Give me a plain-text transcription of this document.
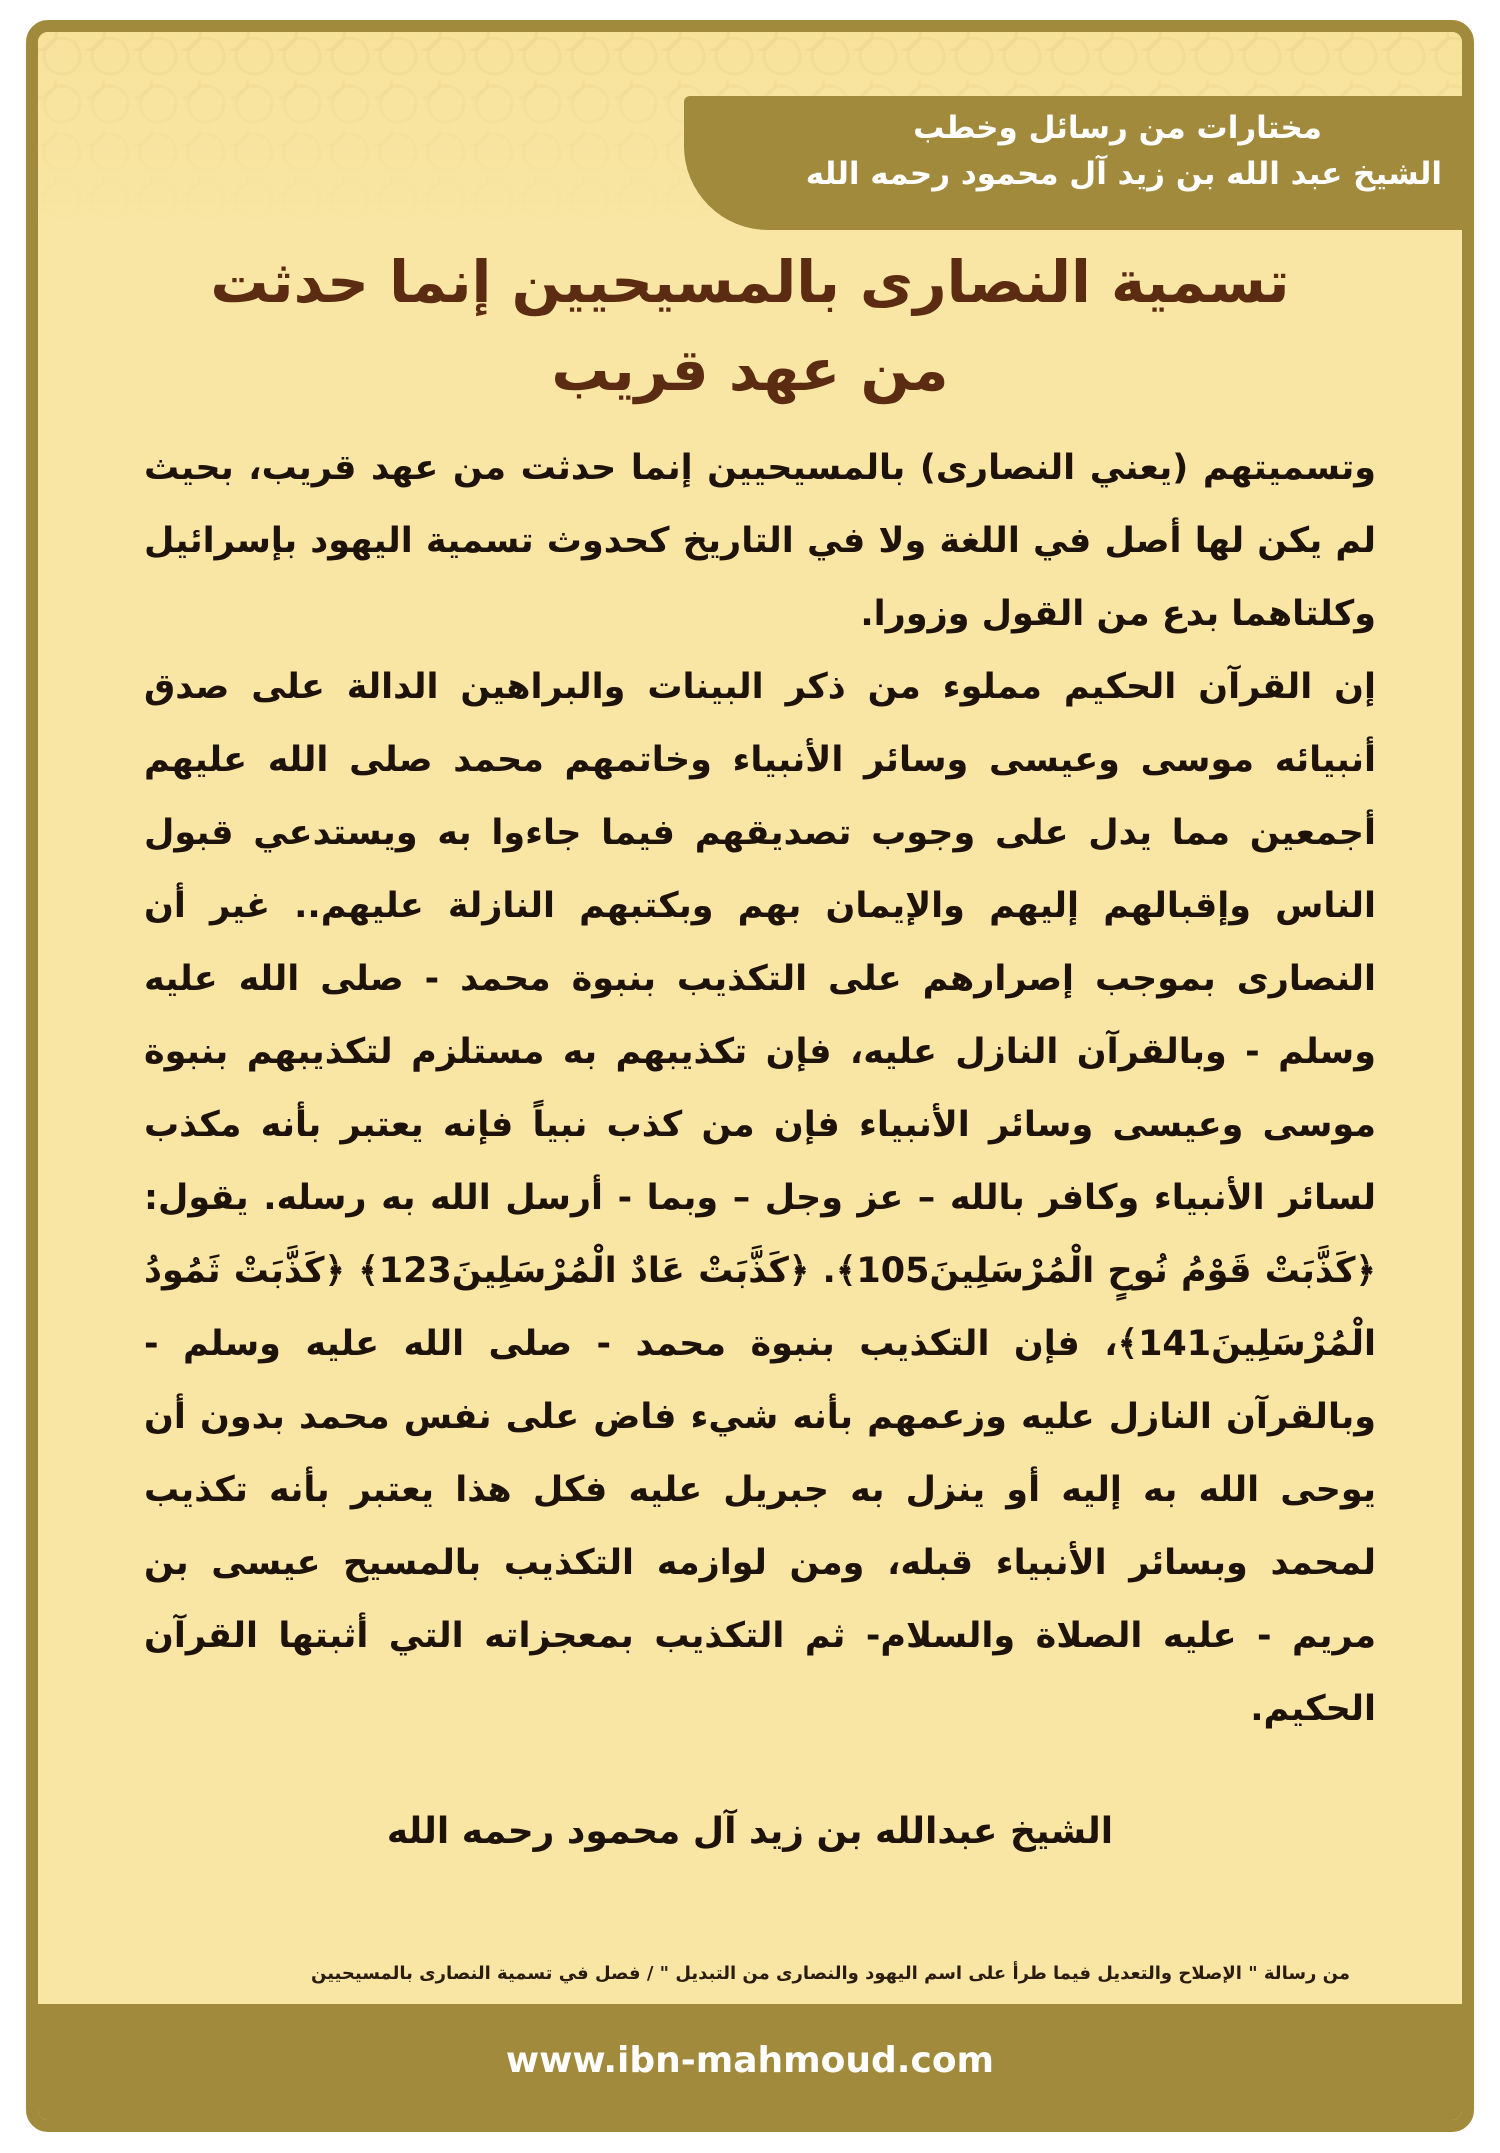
مختارات من رسائل وخطب
الشيخ عبد الله بن زيد آل محمود رحمه الله
تسمية النصارى بالمسيحيين إنما حدثت من عهد قريب

وتسميتهم (يعني النصارى) بالمسيحيين إنما حدثت من عهد قريب، بحيث لم يكن لها أصل في اللغة ولا في التاريخ كحدوث تسمية اليهود بإسرائيل وكلتاهما بدع من القول وزورا.

إن القرآن الحكيم مملوء من ذكر البينات والبراهين الدالة على صدق أنبيائه موسى وعيسى وسائر الأنبياء وخاتمهم محمد صلى الله عليهم أجمعين مما يدل على وجوب تصديقهم فيما جاءوا به ويستدعي قبول الناس وإقبالهم إليهم والإيمان بهم وبكتبهم النازلة عليهم.. غير أن النصارى بموجب إصرارهم على التكذيب بنبوة محمد - صلى الله عليه وسلم - وبالقرآن النازل عليه، فإن تكذيبهم به مستلزم لتكذيبهم بنبوة موسى وعيسى وسائر الأنبياء فإن من كذب نبياً فإنه يعتبر بأنه مكذب لسائر الأنبياء وكافر بالله – عز وجل – وبما - أرسل الله به رسله. يقول: ﴿كَذَّبَتْ قَوْمُ نُوحٍ الْمُرْسَلِينَ105﴾. ﴿كَذَّبَتْ عَادٌ الْمُرْسَلِينَ123﴾ ﴿كَذَّبَتْ ثَمُودُ الْمُرْسَلِينَ141﴾، فإن التكذيب بنبوة محمد - صلى الله عليه وسلم - وبالقرآن النازل عليه وزعمهم بأنه شيء فاض على نفس محمد بدون أن يوحى الله به إليه أو ينزل به جبريل عليه فكل هذا يعتبر بأنه تكذيب لمحمد وبسائر الأنبياء قبله، ومن لوازمه التكذيب بالمسيح عيسى بن مريم - عليه الصلاة والسلام- ثم التكذيب بمعجزاته التي أثبتها القرآن الحكيم.

الشيخ عبدالله بن زيد آل محمود رحمه الله
من رسالة " الإصلاح والتعديل فيما طرأ على اسم اليهود والنصارى من التبديل " / فصل في تسمية النصارى بالمسيحيين
www.ibn-mahmoud.com
